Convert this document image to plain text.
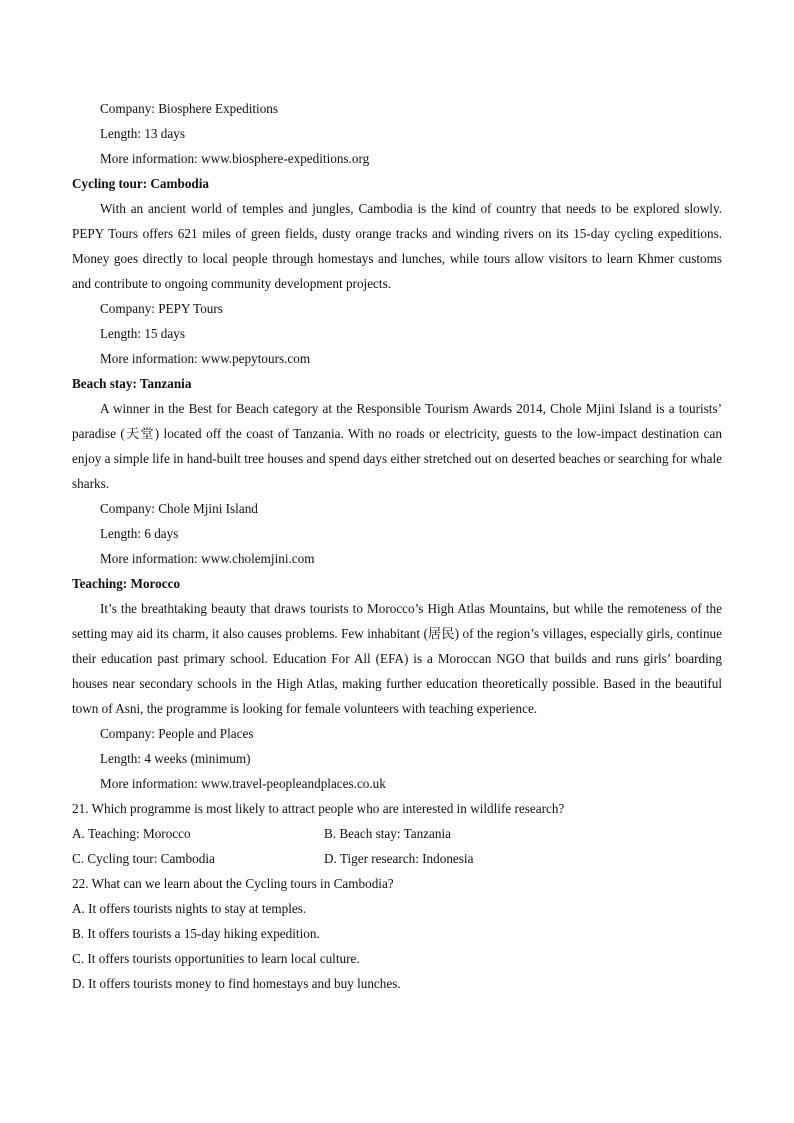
Company: Biosphere Expeditions
Length: 13 days
More information: www.biosphere-expeditions.org
Cycling tour: Cambodia

With an ancient world of temples and jungles, Cambodia is the kind of country that needs to be explored slowly. PEPY Tours offers 621 miles of green fields, dusty orange tracks and winding rivers on its 15-day cycling expeditions. Money goes directly to local people through homestays and lunches, while tours allow visitors to learn Khmer customs and contribute to ongoing community development projects.

Company: PEPY Tours
Length: 15 days
More information: www.pepytours.com
Beach stay: Tanzania

A winner in the Best for Beach category at the Responsible Tourism Awards 2014, Chole Mjini Island is a tourists’ paradise (天堂) located off the coast of Tanzania. With no roads or electricity, guests to the low-impact destination can enjoy a simple life in hand-built tree houses and spend days either stretched out on deserted beaches or searching for whale sharks.

Company: Chole Mjini Island
Length: 6 days
More information: www.cholemjini.com
Teaching: Morocco

It’s the breathtaking beauty that draws tourists to Morocco’s High Atlas Mountains, but while the remoteness of the setting may aid its charm, it also causes problems. Few inhabitant (居民) of the region’s villages, especially girls, continue their education past primary school. Education For All (EFA) is a Moroccan NGO that builds and runs girls’ boarding houses near secondary schools in the High Atlas, making further education theoretically possible. Based in the beautiful town of Asni, the programme is looking for female volunteers with teaching experience.

Company: People and Places
Length: 4 weeks (minimum)
More information: www.travel-peopleandplaces.co.uk
21. Which programme is most likely to attract people who are interested in wildlife research?
A. Teaching: Morocco	B. Beach stay: Tanzania
C. Cycling tour: Cambodia	D. Tiger research: Indonesia
22. What can we learn about the Cycling tours in Cambodia?
A. It offers tourists nights to stay at temples.
B. It offers tourists a 15-day hiking expedition.
C. It offers tourists opportunities to learn local culture.
D. It offers tourists money to find homestays and buy lunches.
